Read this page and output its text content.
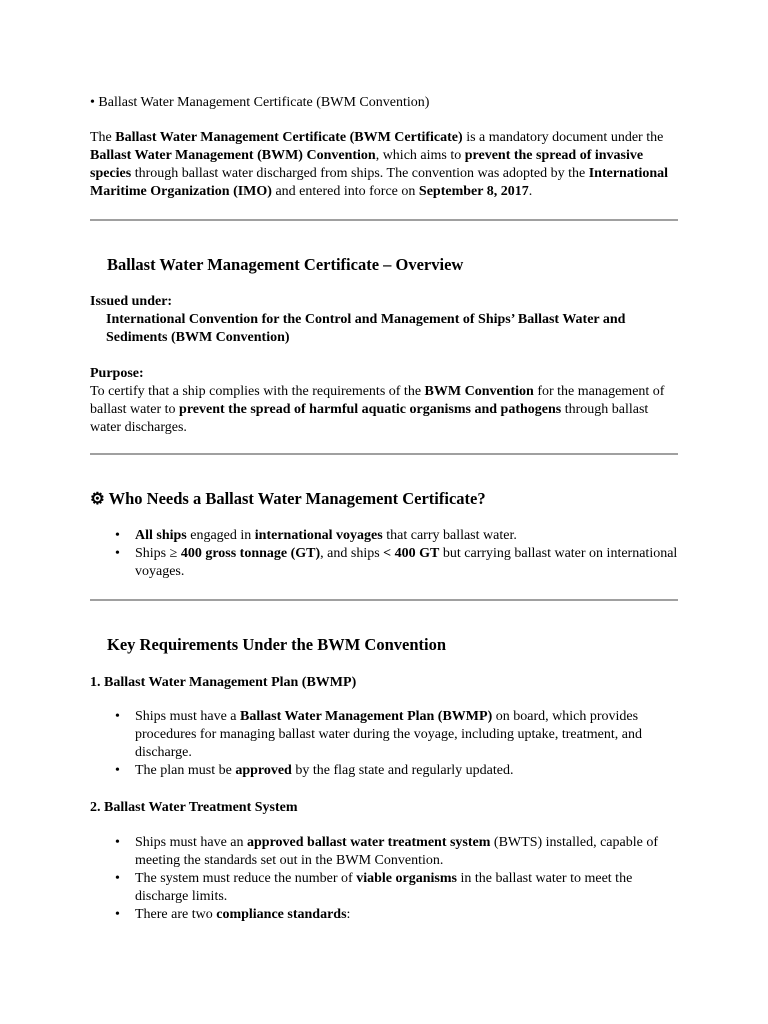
• Ballast Water Management Certificate (BWM Convention)

The Ballast Water Management Certificate (BWM Certificate) is a mandatory document under the Ballast Water Management (BWM) Convention, which aims to prevent the spread of invasive species through ballast water discharged from ships. The convention was adopted by the International Maritime Organization (IMO) and entered into force on September 8, 2017.

Ballast Water Management Certificate – Overview

Issued under:

International Convention for the Control and Management of Ships’ Ballast Water and Sediments (BWM Convention)

Purpose:

To certify that a ship complies with the requirements of the BWM Convention for the management of ballast water to prevent the spread of harmful aquatic organisms and pathogens through ballast water discharges.

⚙ Who Needs a Ballast Water Management Certificate?
• All ships engaged in international voyages that carry ballast water.
• Ships ≥ 400 gross tonnage (GT), and ships < 400 GT but carrying ballast water on international voyages.
Key Requirements Under the BWM Convention
1. Ballast Water Management Plan (BWMP)
• Ships must have a Ballast Water Management Plan (BWMP) on board, which provides procedures for managing ballast water during the voyage, including uptake, treatment, and discharge.
• The plan must be approved by the flag state and regularly updated.
2. Ballast Water Treatment System
• Ships must have an approved ballast water treatment system (BWTS) installed, capable of meeting the standards set out in the BWM Convention.
• The system must reduce the number of viable organisms in the ballast water to meet the discharge limits.
• There are two compliance standards:
